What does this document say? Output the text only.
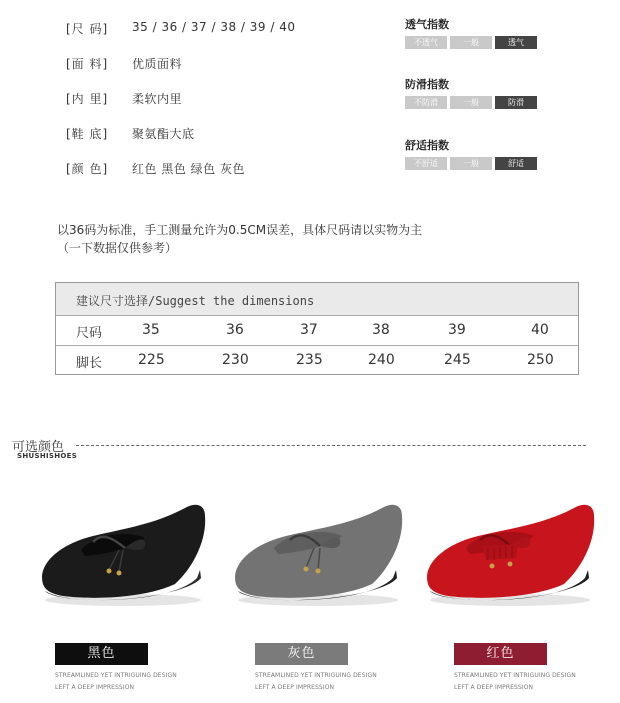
[尺 码]	35 / 36 / 37 / 38 / 39 / 40
[面 料]	优质面料
[内 里]	柔软内里
[鞋 底]	聚氨酯大底
[颜 色]	红色 黑色 绿色 灰色
透气指数
不透气	一般	透气
防滑指数
不防滑	一般	防滑
舒适指数
不舒适	一般	舒适
以36码为标准，手工测量允许为0.5CM误差，具体尺码请以实物为主
（一下数据仅供参考）
建议尺寸选择/Suggest the dimensions
尺码	35	36	37	38	39	40
脚长	225	230	235	240	245	250
可选颜色
SHUSHISHOES
黑色	灰色	红色
STREAMLINED YET INTRIGUING DESIGN
LEFT A DEEP IMPRESSION
STREAMLINED YET INTRIGUING DESIGN
LEFT A DEEP IMPRESSION
STREAMLINED YET INTRIGUING DESIGN
LEFT A DEEP IMPRESSION
